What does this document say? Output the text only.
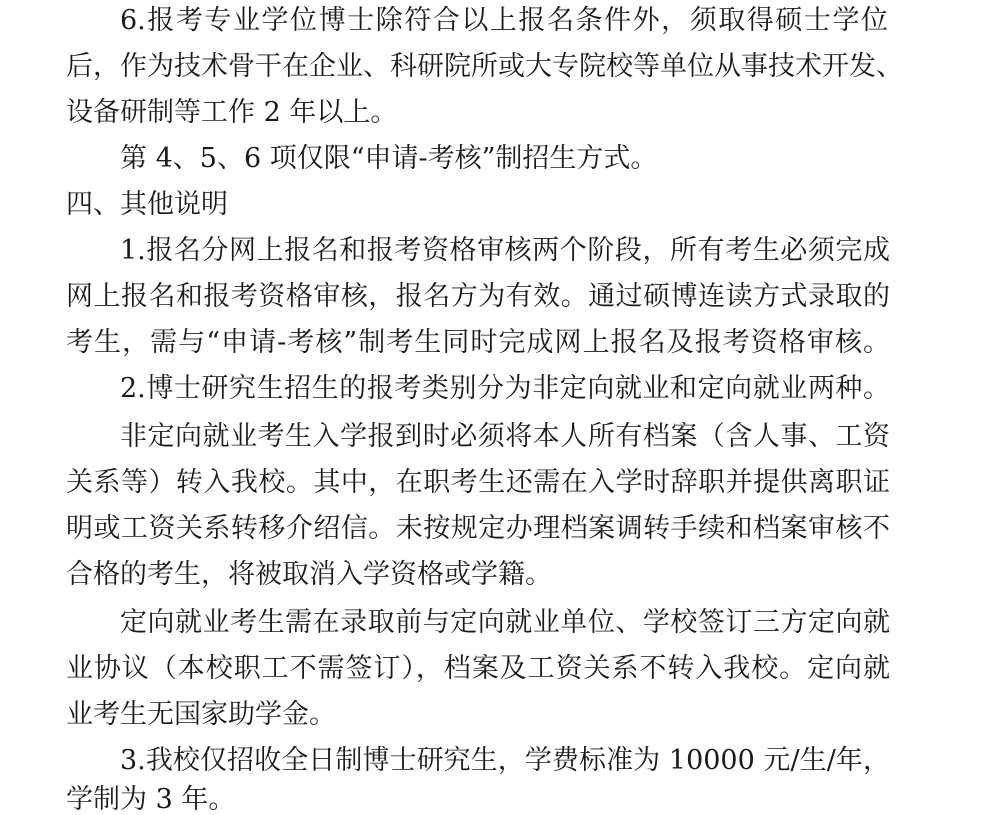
6.报考专业学位博士除符合以上报名条件外，须取得硕士学位
后，作为技术骨干在企业、科研院所或大专院校等单位从事技术开发、
设备研制等工作 2 年以上。
第 4、5、6 项仅限“申请-考核”制招生方式。
四、其他说明
1.报名分网上报名和报考资格审核两个阶段，所有考生必须完成
网上报名和报考资格审核，报名方为有效。通过硕博连读方式录取的
考生，需与“申请-考核”制考生同时完成网上报名及报考资格审核。
2.博士研究生招生的报考类别分为非定向就业和定向就业两种。
非定向就业考生入学报到时必须将本人所有档案（含人事、工资
关系等）转入我校。其中，在职考生还需在入学时辞职并提供离职证
明或工资关系转移介绍信。未按规定办理档案调转手续和档案审核不
合格的考生，将被取消入学资格或学籍。
定向就业考生需在录取前与定向就业单位、学校签订三方定向就
业协议（本校职工不需签订），档案及工资关系不转入我校。定向就
业考生无国家助学金。
3.我校仅招收全日制博士研究生，学费标准为 10000 元/生/年，
学制为 3 年。
